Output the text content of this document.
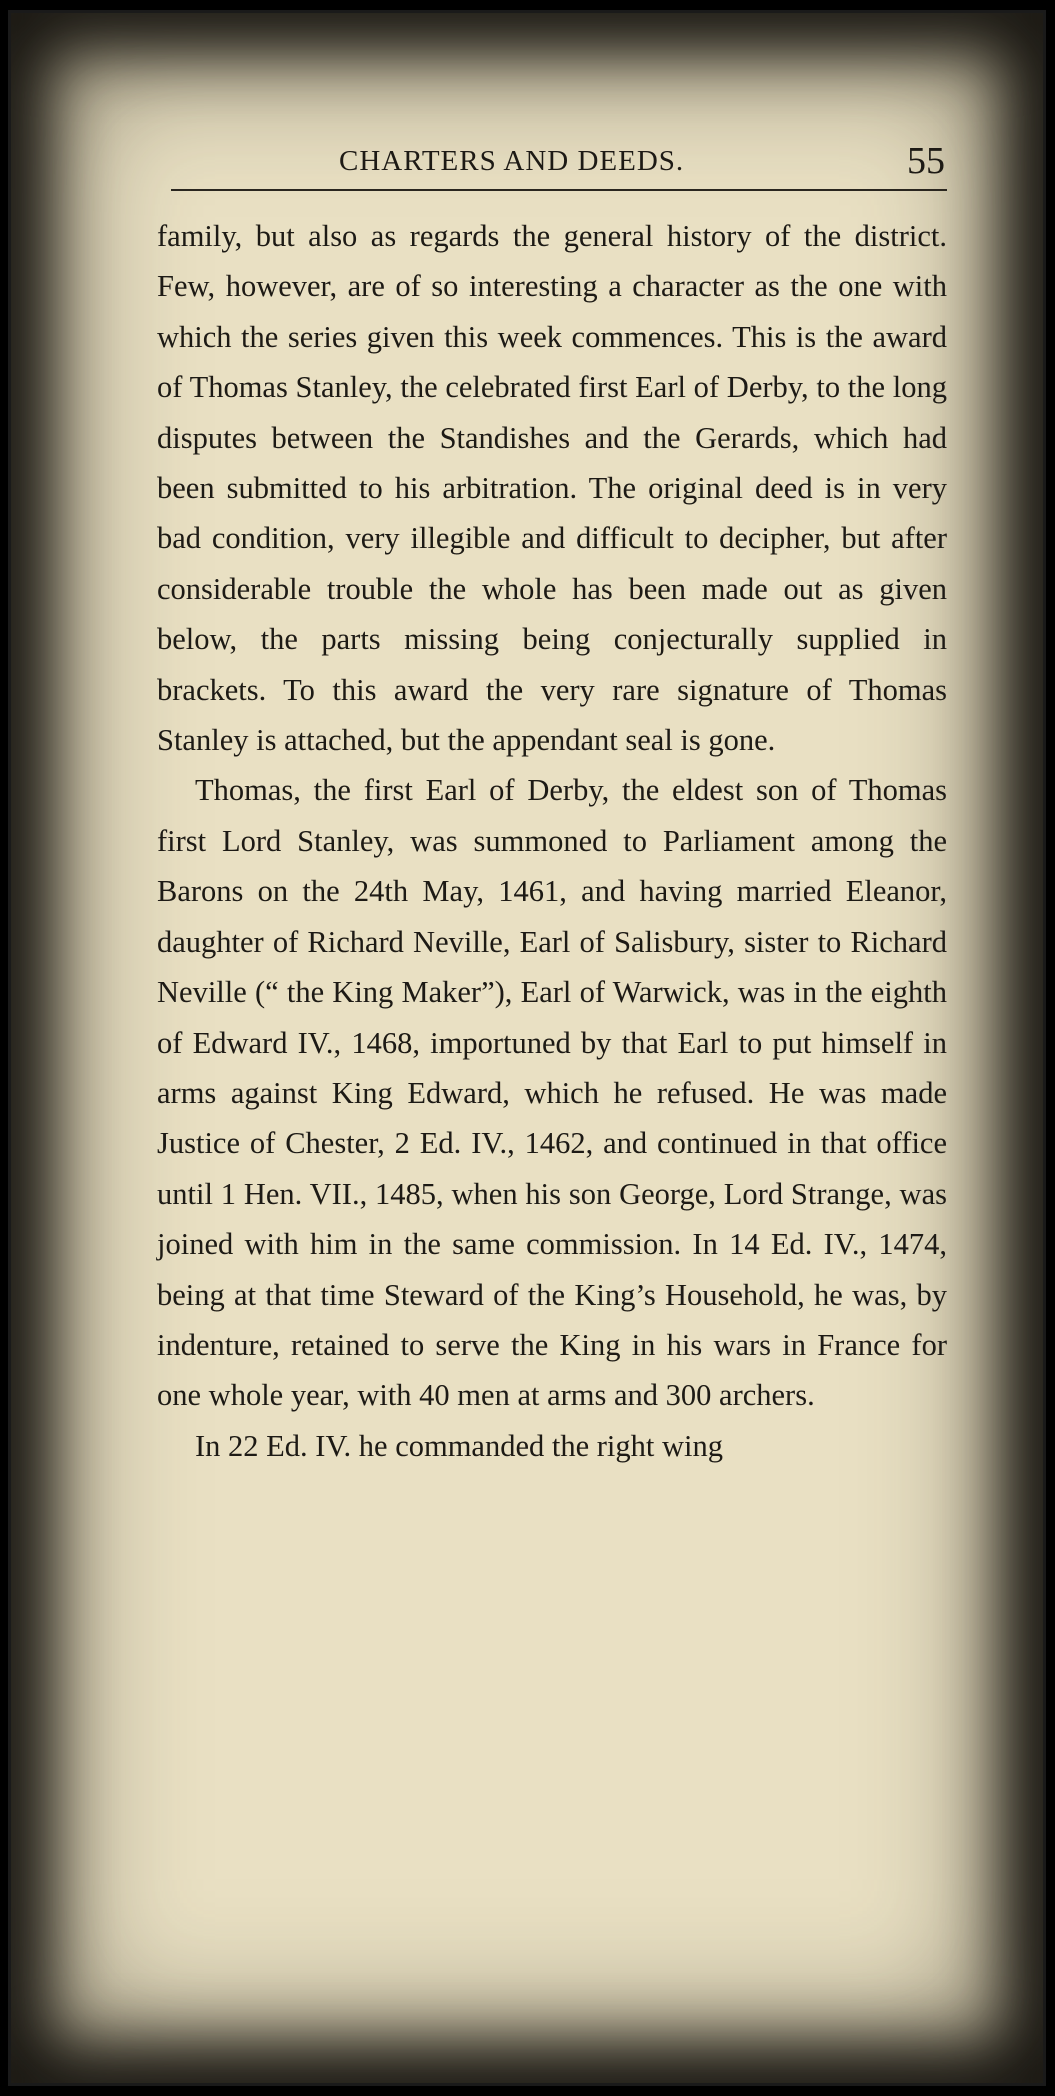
CHARTERS AND DEEDS.	55

family, but also as regards the general history of the district. Few, however, are of so interesting a character as the one with which the series given this week commences. This is the award of Thomas Stanley, the celebrated first Earl of Derby, to the long disputes between the Standishes and the Gerards, which had been submitted to his arbitration. The original deed is in very bad condition, very illegible and difficult to decipher, but after considerable trouble the whole has been made out as given below, the parts missing being conjecturally supplied in brackets. To this award the very rare signature of Thomas Stanley is attached, but the appendant seal is gone.

Thomas, the first Earl of Derby, the eldest son of Thomas first Lord Stanley, was summoned to Parliament among the Barons on the 24th May, 1461, and having married Eleanor, daughter of Richard Neville, Earl of Salisbury, sister to Richard Neville (“ the King Maker”), Earl of Warwick, was in the eighth of Edward IV., 1468, importuned by that Earl to put himself in arms against King Edward, which he refused. He was made Justice of Chester, 2 Ed. IV., 1462, and continued in that office until 1 Hen. VII., 1485, when his son George, Lord Strange, was joined with him in the same commission. In 14 Ed. IV., 1474, being at that time Steward of the King’s Household, he was, by indenture, retained to serve the King in his wars in France for one whole year, with 40 men at arms and 300 archers.

In 22 Ed. IV. he commanded the right wing
